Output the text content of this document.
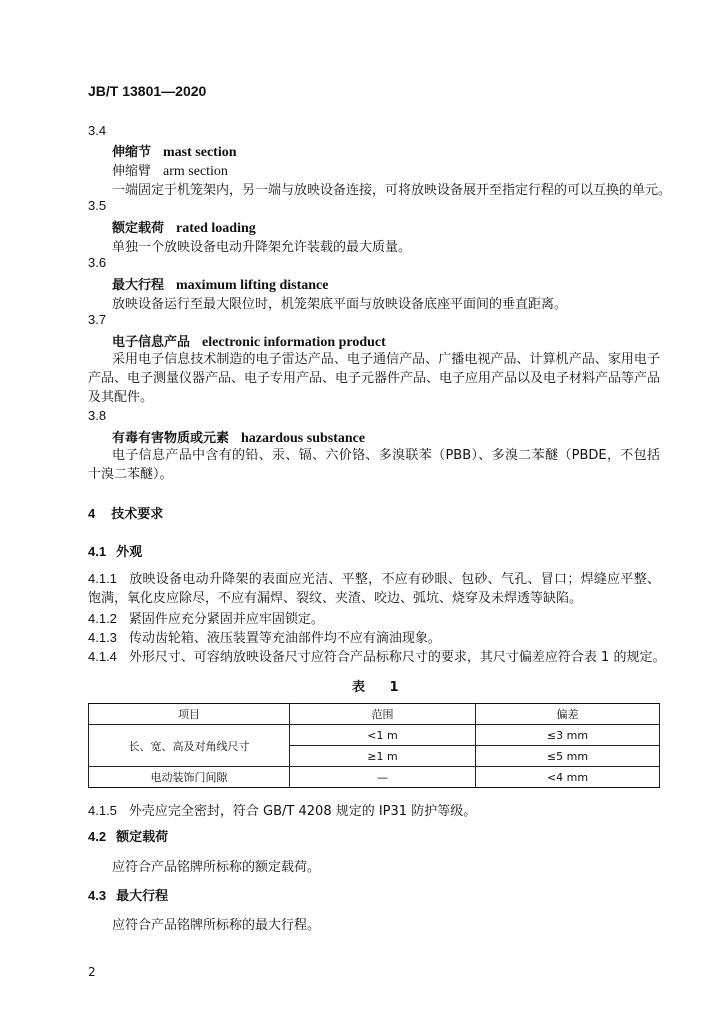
JB/T 13801—2020
3.4
伸缩节 mast section
伸缩臂 arm section
一端固定于机笼架内，另一端与放映设备连接，可将放映设备展开至指定行程的可以互换的单元。
3.5
额定载荷 rated loading
单独一个放映设备电动升降架允许装载的最大质量。
3.6
最大行程 maximum lifting distance
放映设备运行至最大限位时，机笼架底平面与放映设备底座平面间的垂直距离。
3.7
电子信息产品 electronic information product
采用电子信息技术制造的电子雷达产品、电子通信产品、广播电视产品、计算机产品、家用电子产品、电子测量仪器产品、电子专用产品、电子元器件产品、电子应用产品以及电子材料产品等产品及其配件。
3.8
有毒有害物质或元素 hazardous substance
电子信息产品中含有的铅、汞、镉、六价铬、多溴联苯（PBB）、多溴二苯醚（PBDE，不包括十溴二苯醚）。
4 技术要求
4.1 外观
4.1.1 放映设备电动升降架的表面应光洁、平整，不应有砂眼、包砂、气孔、冒口；焊缝应平整、饱满，氧化皮应除尽，不应有漏焊、裂纹、夹渣、咬边、弧坑、烧穿及未焊透等缺陷。
4.1.2 紧固件应充分紧固并应牢固锁定。
4.1.3 传动齿轮箱、液压装置等充油部件均不应有滴油现象。
4.1.4 外形尺寸、可容纳放映设备尺寸应符合产品标称尺寸的要求，其尺寸偏差应符合表 1 的规定。
表 1
项目	范围	偏差
长、宽、高及对角线尺寸	<1 m	≤3 mm
	≥1 m	≤5 mm
电动装饰门间隙	—	<4 mm
4.1.5 外壳应完全密封，符合 GB/T 4208 规定的 IP31 防护等级。
4.2 额定载荷
应符合产品铭牌所标称的额定载荷。
4.3 最大行程
应符合产品铭牌所标称的最大行程。
2
